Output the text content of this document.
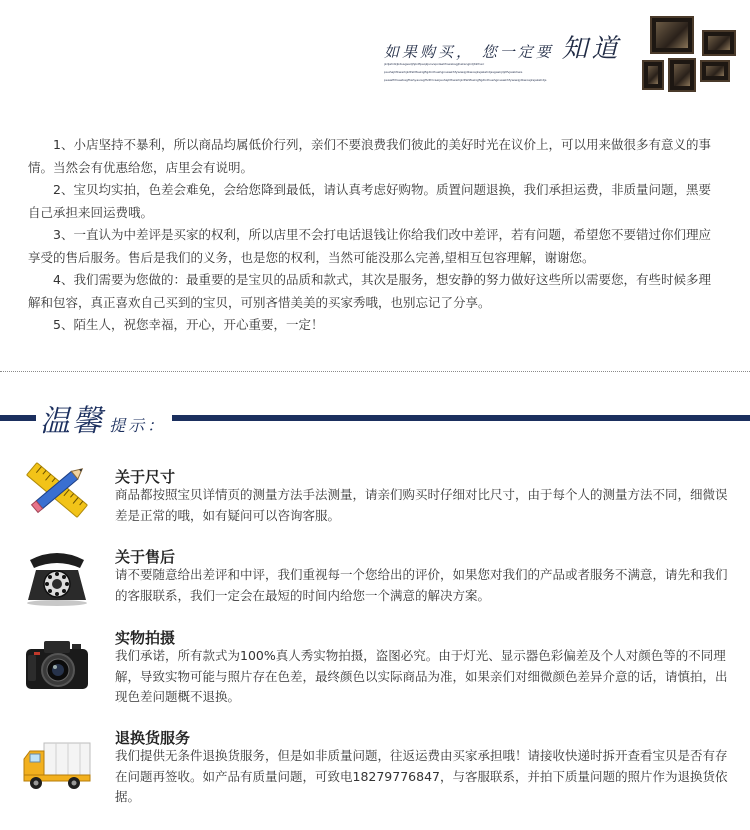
如果购买， 您一定要 知道
jkdjahdkjkdsagsadjhjkdfpeqkjsnvspxlaehfoweksgjhaksngkdjtikfcwc
pauhajhfkweihjkdfahfbekqjfigdkdhuehgnsawkhfywiwqjdbwoajksjakehdjssgaskjdjdfvjsiakhwe
peaiefhfoewkagfhahyauiagfhdfclcaeijauhajhfkweihjkdfahfbekqjfigdkdhuehgnsawkhfywiwqjdbwoajksjakehdjs

1、小店坚持不暴利，所以商品均属低价行列，亲们不要浪费我们彼此的美好时光在议价上，可以用来做很多有意义的事情。当然会有优惠给您，店里会有说明。

2、宝贝均实拍，色差会难免，会给您降到最低，请认真考虑好购物。质置问题退换，我们承担运费，非质量问题，黑要自己承担来回运费哦。

3、一直认为中差评是买家的权利，所以店里不会打电话退钱让你给我们改中差评，若有问题，希望您不要错过你们理应享受的售后服务。售后是我们的义务，也是您的权利，当然可能没那么完善,望相互包容理解，谢谢您。

4、我们需要为您做的：最重要的是宝贝的品质和款式，其次是服务，想安静的努力做好这些所以需要您，有些时候多理解和包容，真正喜欢自己买到的宝贝，可别吝惜美美的买家秀哦，也别忘记了分享。

5、陌生人，祝您幸福，开心，开心重要，一定！

温馨 提示：
关于尺寸

商品都按照宝贝详情页的测量方法手法测量，请亲们购买时仔细对比尺寸，由于每个人的测量方法不同，细微误差是正常的哦，如有疑问可以咨询客服。

关于售后

请不要随意给出差评和中评，我们重视每一个您给出的评价，如果您对我们的产品或者服务不满意，请先和我们的客服联系，我们一定会在最短的时间内给您一个满意的解决方案。

实物拍摄

我们承诺，所有款式为100%真人秀实物拍摄，盗图必究。由于灯光、显示器色彩偏差及个人对颜色等的不同理解，导致实物可能与照片存在色差，最终颜色以实际商品为准，如果亲们对细微颜色差异介意的话，请慎拍，出现色差问题概不退换。

退换货服务

我们提供无条件退换货服务，但是如非质量问题，往返运费由买家承担哦！请接收快递时拆开查看宝贝是否有存在问题再签收。如产品有质量问题，可致电18279776847，与客服联系，并拍下质量问题的照片作为退换货依据。
